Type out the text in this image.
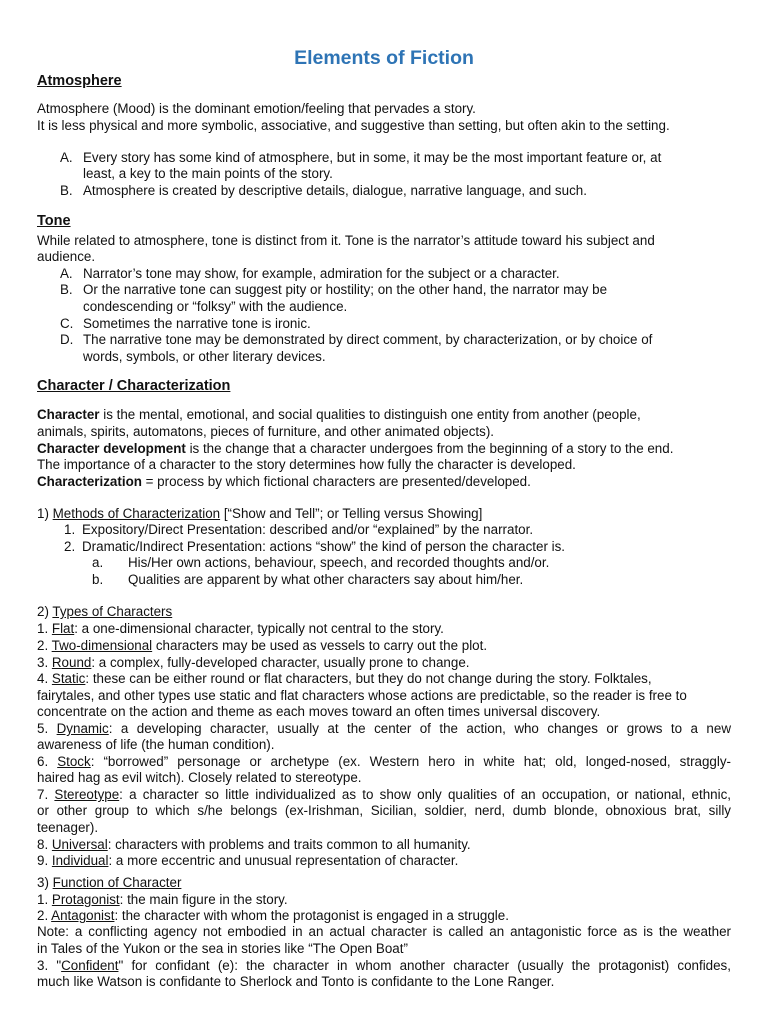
Elements of Fiction
Atmosphere
Atmosphere (Mood) is the dominant emotion/feeling that pervades a story.
It is less physical and more symbolic, associative, and suggestive than setting, but often akin to the setting.
A. Every story has some kind of atmosphere, but in some, it may be the most important feature or, at
least, a key to the main points of the story.
B. Atmosphere is created by descriptive details, dialogue, narrative language, and such.
Tone
While related to atmosphere, tone is distinct from it. Tone is the narrator’s attitude toward his subject and
audience.
A. Narrator’s tone may show, for example, admiration for the subject or a character.
B. Or the narrative tone can suggest pity or hostility; on the other hand, the narrator may be
condescending or “folksy” with the audience.
C. Sometimes the narrative tone is ironic.
D. The narrative tone may be demonstrated by direct comment, by characterization, or by choice of
words, symbols, or other literary devices.
Character / Characterization
Character is the mental, emotional, and social qualities to distinguish one entity from another (people,
animals, spirits, automatons, pieces of furniture, and other animated objects).
Character development is the change that a character undergoes from the beginning of a story to the end.
The importance of a character to the story determines how fully the character is developed.
Characterization = process by which fictional characters are presented/developed.
1) Methods of Characterization [“Show and Tell”; or Telling versus Showing]
1. Expository/Direct Presentation: described and/or “explained” by the narrator.
2. Dramatic/Indirect Presentation: actions “show” the kind of person the character is.
a. His/Her own actions, behaviour, speech, and recorded thoughts and/or.
b. Qualities are apparent by what other characters say about him/her.
2) Types of Characters
1. Flat: a one-dimensional character, typically not central to the story.
2. Two-dimensional characters may be used as vessels to carry out the plot.
3. Round: a complex, fully-developed character, usually prone to change.
4. Static: these can be either round or flat characters, but they do not change during the story. Folktales,
fairytales, and other types use static and flat characters whose actions are predictable, so the reader is free to
concentrate on the action and theme as each moves toward an often times universal discovery.
5. Dynamic: a developing character, usually at the center of the action, who changes or grows to a new
awareness of life (the human condition).
6. Stock: “borrowed” personage or archetype (ex. Western hero in white hat; old, longed-nosed, straggly-
haired hag as evil witch). Closely related to stereotype.
7. Stereotype: a character so little individualized as to show only qualities of an occupation, or national, ethnic,
or other group to which s/he belongs (ex-Irishman, Sicilian, soldier, nerd, dumb blonde, obnoxious brat, silly
teenager).
8. Universal: characters with problems and traits common to all humanity.
9. Individual: a more eccentric and unusual representation of character.
3) Function of Character
1. Protagonist: the main figure in the story.
2. Antagonist: the character with whom the protagonist is engaged in a struggle.
Note: a conflicting agency not embodied in an actual character is called an antagonistic force as is the weather
in Tales of the Yukon or the sea in stories like “The Open Boat”
3. "Confident" for confidant (e): the character in whom another character (usually the protagonist) confides,
much like Watson is confidante to Sherlock and Tonto is confidante to the Lone Ranger.
